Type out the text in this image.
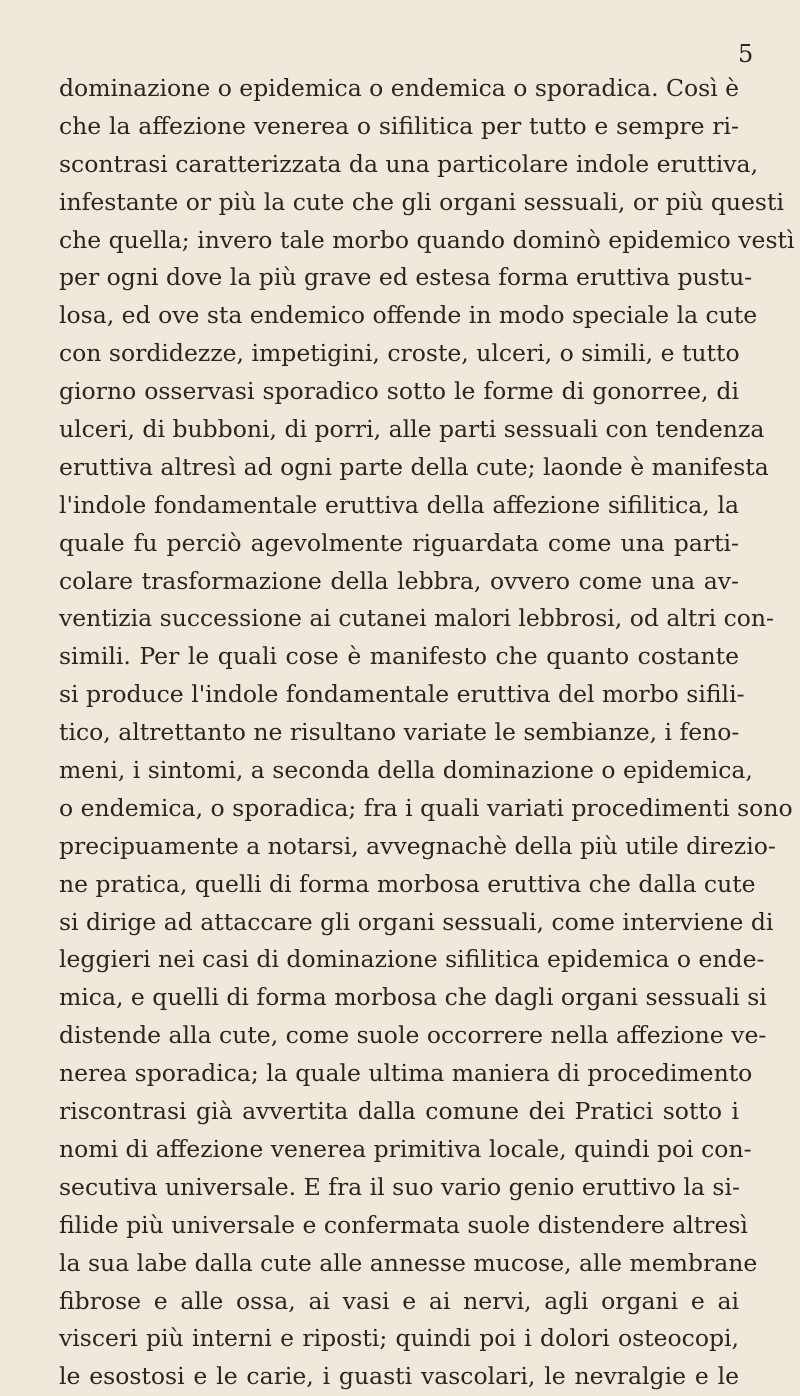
5
dominazione o epidemica o endemica o sporadica. Così è
che la affezione venerea o sifilitica per tutto e sempre ri-
scontrasi caratterizzata da una particolare indole eruttiva,
infestante or più la cute che gli organi sessuali, or più questi
che quella; invero tale morbo quando dominò epidemico vestì
per ogni dove la più grave ed estesa forma eruttiva pustu-
losa, ed ove sta endemico offende in modo speciale la cute
con sordidezze, impetigini, croste, ulceri, o simili, e tutto
giorno osservasi sporadico sotto le forme di gonorree, di
ulceri, di bubboni, di porri, alle parti sessuali con tendenza
eruttiva altresì ad ogni parte della cute; laonde è manifesta
l'indole fondamentale eruttiva della affezione sifilitica, la
quale fu perciò agevolmente riguardata come una parti-
colare trasformazione della lebbra, ovvero come una av-
ventizia successione ai cutanei malori lebbrosi, od altri con-
simili. Per le quali cose è manifesto che quanto costante
si produce l'indole fondamentale eruttiva del morbo sifili-
tico, altrettanto ne risultano variate le sembianze, i feno-
meni, i sintomi, a seconda della dominazione o epidemica,
o endemica, o sporadica; fra i quali variati procedimenti sono
precipuamente a notarsi, avvegnachè della più utile direzio-
ne pratica, quelli di forma morbosa eruttiva che dalla cute
si dirige ad attaccare gli organi sessuali, come interviene di
leggieri nei casi di dominazione sifilitica epidemica o ende-
mica, e quelli di forma morbosa che dagli organi sessuali si
distende alla cute, come suole occorrere nella affezione ve-
nerea sporadica; la quale ultima maniera di procedimento
riscontrasi già avvertita dalla comune dei Pratici sotto i
nomi di affezione venerea primitiva locale, quindi poi con-
secutiva universale. E fra il suo vario genio eruttivo la si-
filide più universale e confermata suole distendere altresì
la sua labe dalla cute alle annesse mucose, alle membrane
fibrose e alle ossa, ai vasi e ai nervi, agli organi e ai
visceri più interni e riposti; quindi poi i dolori osteocopi,
le esostosi e le carie, i guasti vascolari, le nevralgie e le
